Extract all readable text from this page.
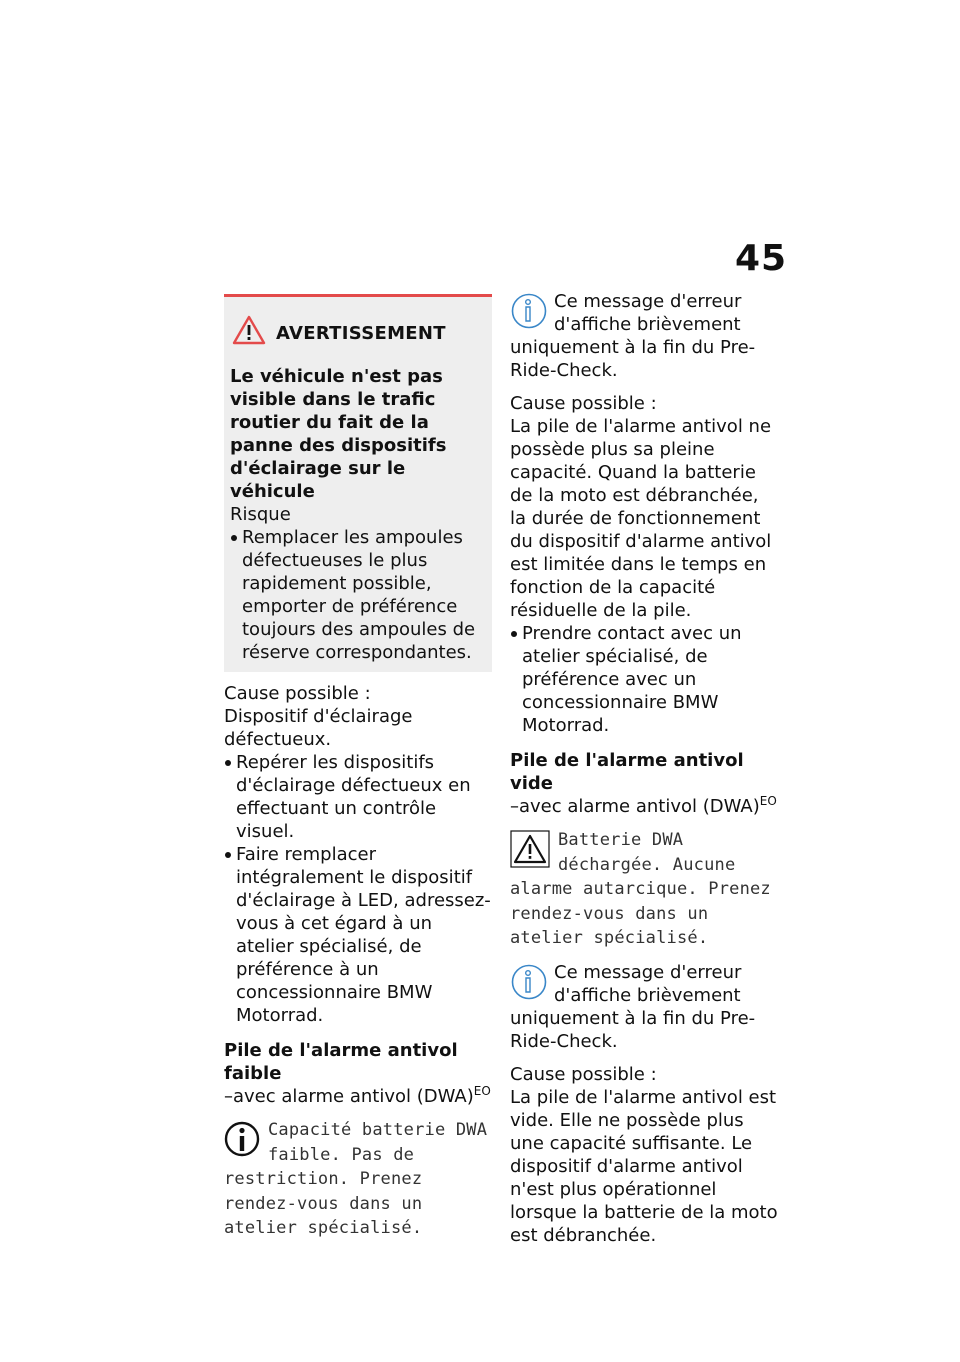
45
AVERTISSEMENT
Le véhicule n'est pas visible dans le trafic routier du fait de la panne des dispositifs d'éclairage sur le véhicule
Risque
Remplacer les ampoules défectueuses le plus rapidement possible, emporter de préférence toujours des ampoules de réserve correspondantes.
Cause possible :
Dispositif d'éclairage défectueux.
Repérer les dispositifs d'éclairage défectueux en effectuant un contrôle visuel.
Faire remplacer intégralement le dispositif d'éclairage à LED, adressez-vous à cet égard à un atelier spécialisé, de préférence à un concessionnaire BMW Motorrad.
Pile de l'alarme antivol faible
–avec alarme antivol (DWA)$^{EO}$
Capacité batterie DWA faible. Pas de restriction. Prenez rendez-vous dans un atelier spécialisé.
Ce message d'erreur d'affiche brièvement uniquement à la fin du Pre-Ride-Check.
Cause possible :
La pile de l'alarme antivol ne possède plus sa pleine capacité. Quand la batterie de la moto est débranchée, la durée de fonctionnement du dispositif d'alarme antivol est limitée dans le temps en fonction de la capacité résiduelle de la pile.
Prendre contact avec un atelier spécialisé, de préférence avec un concessionnaire BMW Motorrad.
Pile de l'alarme antivol vide
–avec alarme antivol (DWA)$^{EO}$
Batterie DWA déchargée. Aucune alarme autarcique. Prenez rendez-vous dans un atelier spécialisé.
Ce message d'erreur d'affiche brièvement uniquement à la fin du Pre-Ride-Check.
Cause possible :
La pile de l'alarme antivol est vide. Elle ne possède plus une capacité suffisante. Le dispositif d'alarme antivol n'est plus opérationnel lorsque la batterie de la moto est débranchée.
